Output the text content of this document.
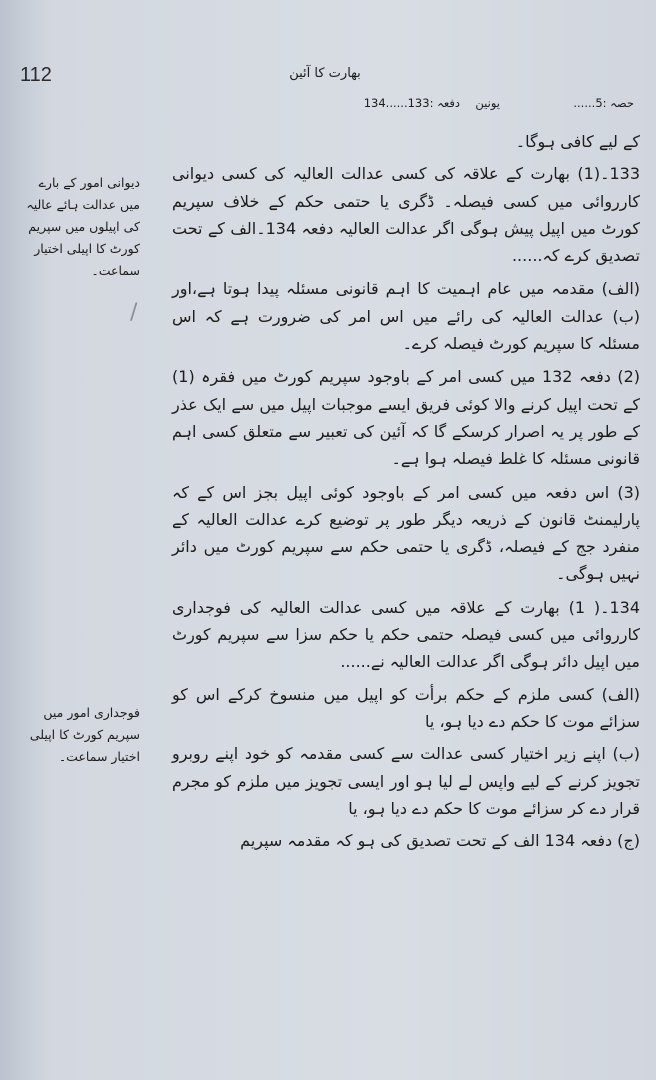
112	بھارت کا آئین
حصہ :5......
یونین
دفعہ :133......134
دیوانی امور کے بارے میں عدالت ہائے عالیہ کی اپیلوں میں سپریم کورٹ کا اپیلی اختیار سماعت۔
/
فوجداری امور میں سپریم کورٹ کا اپیلی اختیار سماعت۔

کے لیے کافی ہوگا۔

133۔(1) بھارت کے علاقہ کی کسی عدالت العالیہ کی کسی دیوانی کارروائی میں کسی فیصلہ۔ ڈگری یا حتمی حکم کے خلاف سپریم کورٹ میں اپیل پیش ہوگی اگر عدالت العالیہ دفعہ 134۔الف کے تحت تصدیق کرے کہ......

(الف) مقدمہ میں عام اہمیت کا اہم قانونی مسئلہ پیدا ہوتا ہے،اور (ب) عدالت العالیہ کی رائے میں اس امر کی ضرورت ہے کہ اس مسئلہ کا سپریم کورٹ فیصلہ کرے۔

(2) دفعہ 132 میں کسی امر کے باوجود سپریم کورٹ میں فقرہ (1) کے تحت اپیل کرنے والا کوئی فریق ایسے موجبات اپیل میں سے ایک عذر کے طور پر یہ اصرار کرسکے گا کہ آئین کی تعبیر سے متعلق کسی اہم قانونی مسئلہ کا غلط فیصلہ ہوا ہے۔

(3) اس دفعہ میں کسی امر کے باوجود کوئی اپیل بجز اس کے کہ پارلیمنٹ قانون کے ذریعہ دیگر طور پر توضیع کرے عدالت العالیہ کے منفرد جج کے فیصلہ، ڈگری یا حتمی حکم سے سپریم کورٹ میں دائر نہیں ہوگی۔

134۔( 1) بھارت کے علاقہ میں کسی عدالت العالیہ کی فوجداری کارروائی میں کسی فیصلہ حتمی حکم یا حکم سزا سے سپریم کورٹ میں اپیل دائر ہوگی اگر عدالت العالیہ نے......

(الف) کسی ملزم کے حکم برأت کو اپیل میں منسوخ کرکے اس کو سزائے موت کا حکم دے دیا ہو، یا

(ب) اپنے زیر اختیار کسی عدالت سے کسی مقدمہ کو خود اپنے روبرو تجویز کرنے کے لیے واپس لے لیا ہو اور ایسی تجویز میں ملزم کو مجرم قرار دے کر سزائے موت کا حکم دے دیا ہو، یا

(ج) دفعہ 134 الف کے تحت تصدیق کی ہو کہ مقدمہ سپریم
